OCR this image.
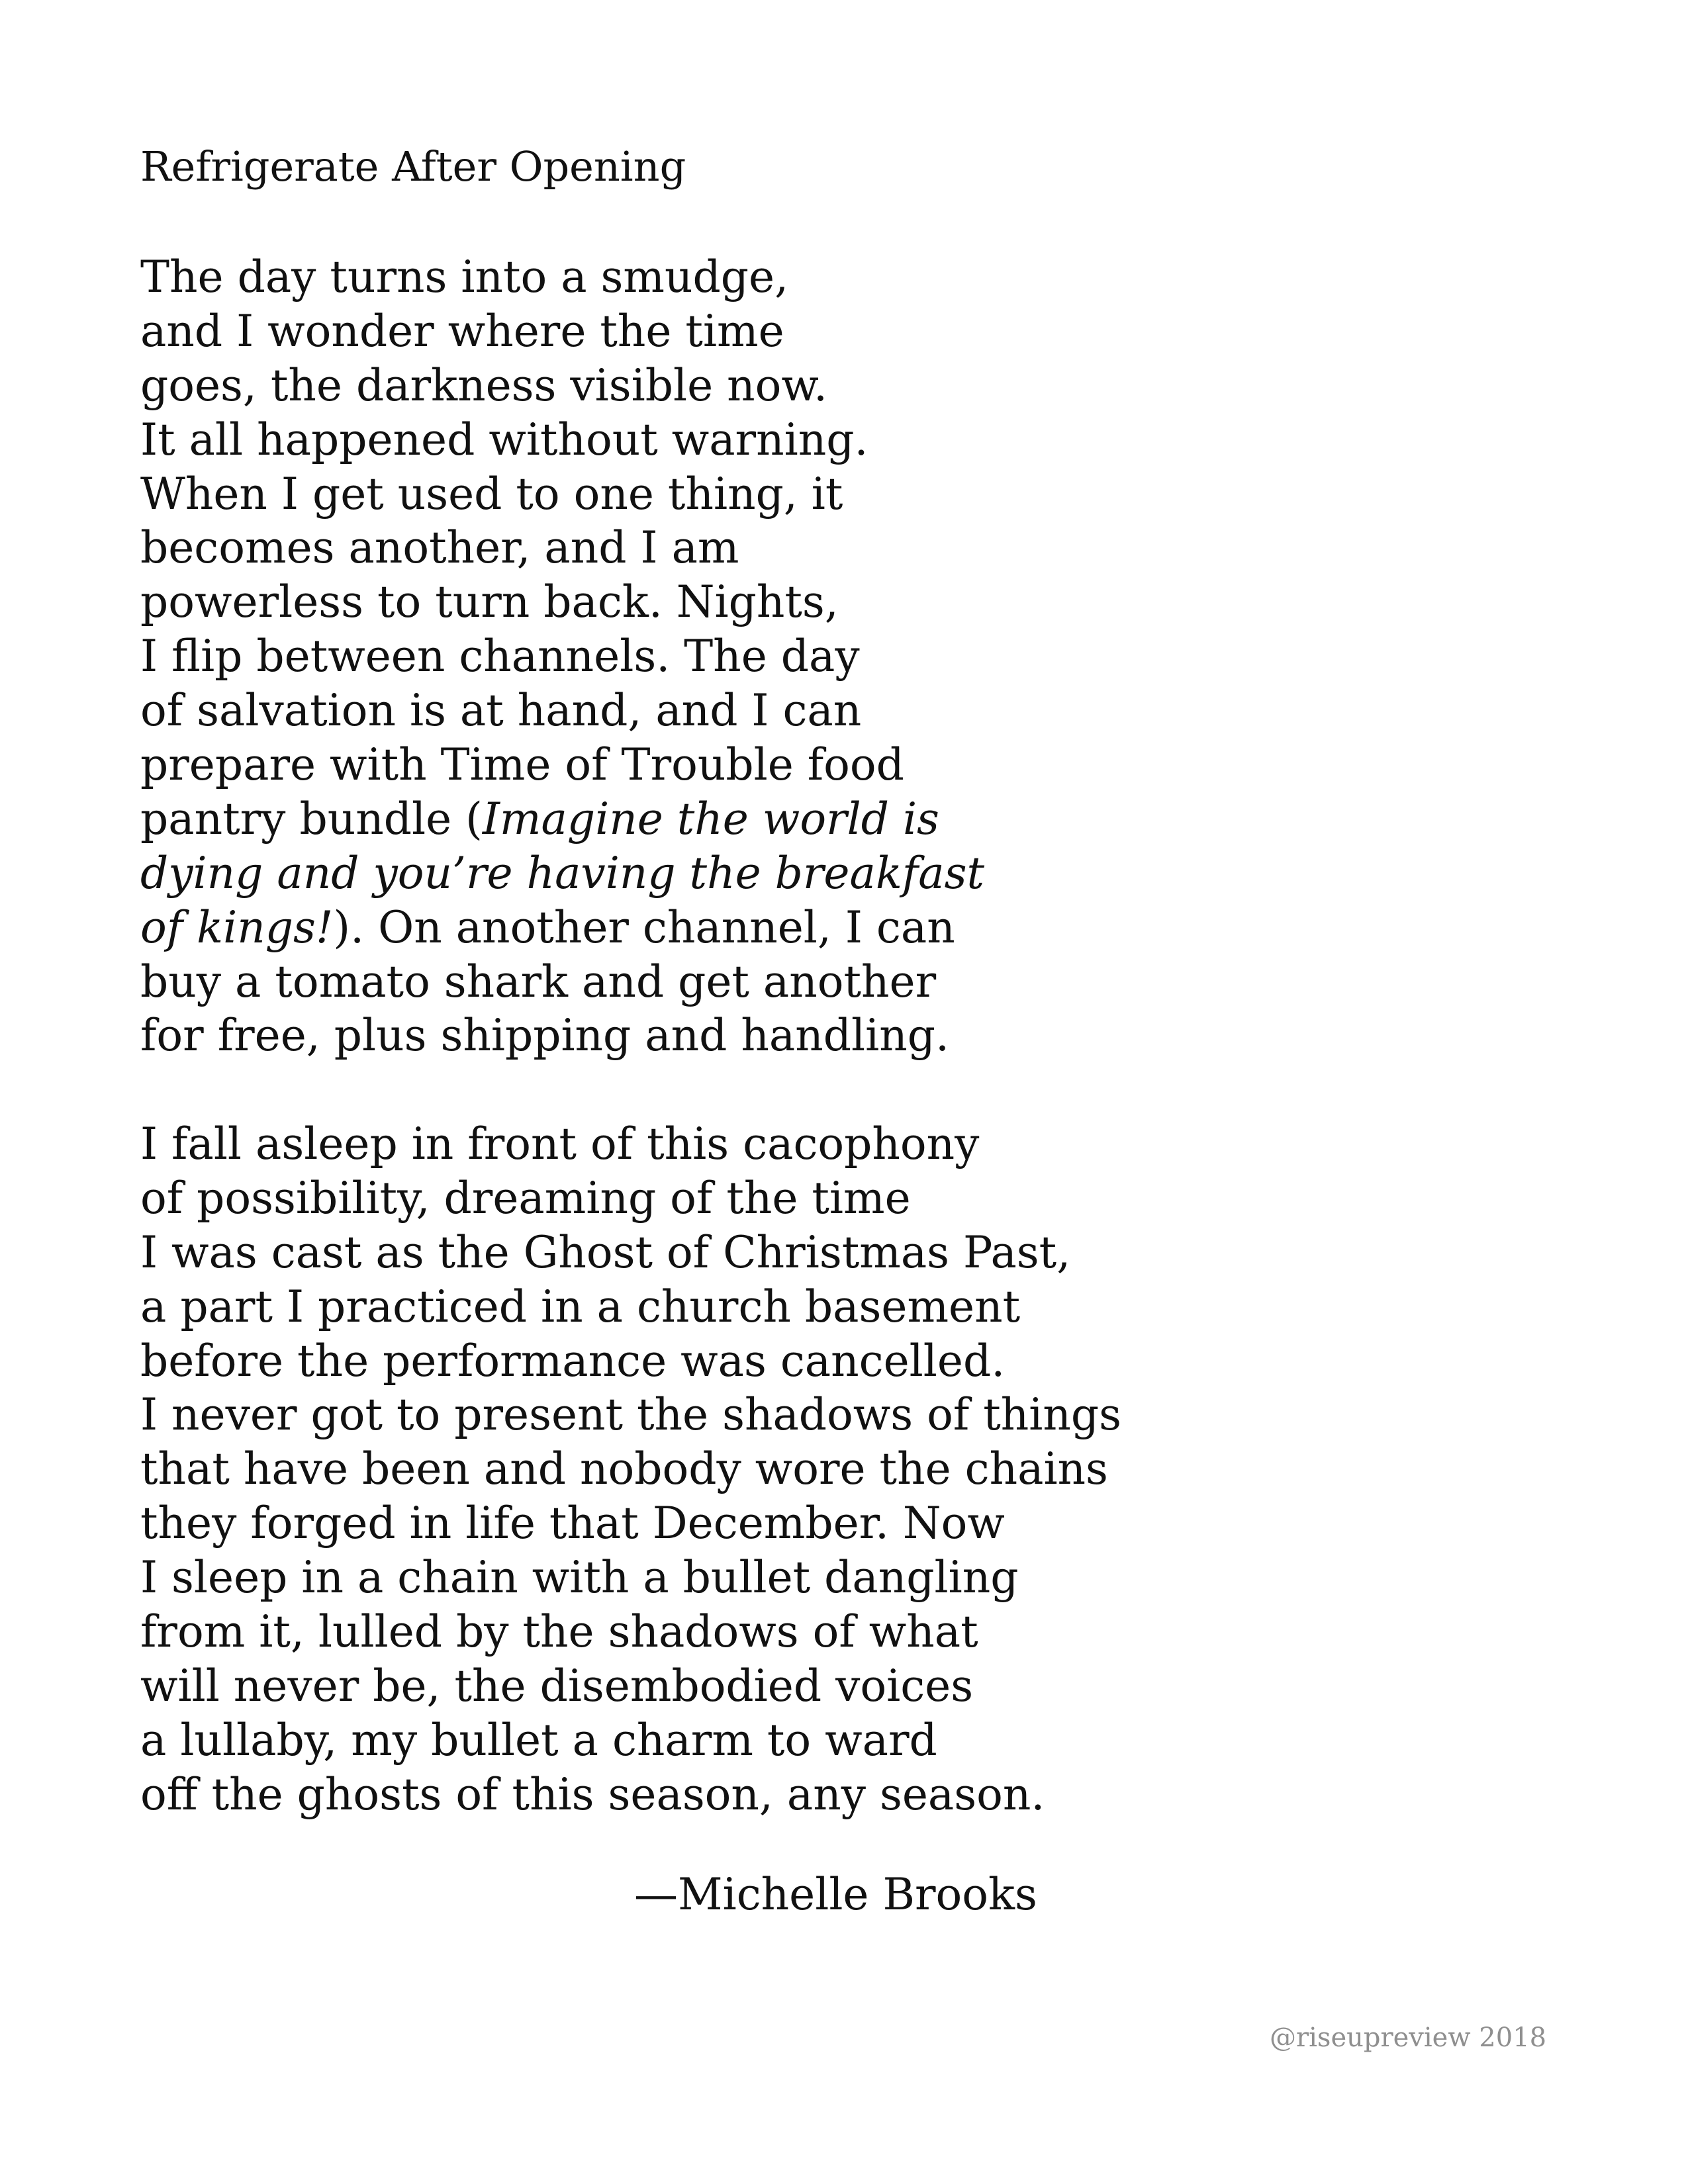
Refrigerate After Opening
The day turns into a smudge,
and I wonder where the time
goes, the darkness visible now.
It all happened without warning.
When I get used to one thing, it
becomes another, and I am
powerless to turn back. Nights,
I flip between channels. The day
of salvation is at hand, and I can
prepare with Time of Trouble food
pantry bundle (Imagine the world is
dying and you’re having the breakfast
of kings!). On another channel, I can
buy a tomato shark and get another
for free, plus shipping and handling.
I fall asleep in front of this cacophony
of possibility, dreaming of the time
I was cast as the Ghost of Christmas Past,
a part I practiced in a church basement
before the performance was cancelled.
I never got to present the shadows of things
that have been and nobody wore the chains
they forged in life that December. Now
I sleep in a chain with a bullet dangling
from it, lulled by the shadows of what
will never be, the disembodied voices
a lullaby, my bullet a charm to ward
off the ghosts of this season, any season.
—Michelle Brooks
@riseupreview 2018
